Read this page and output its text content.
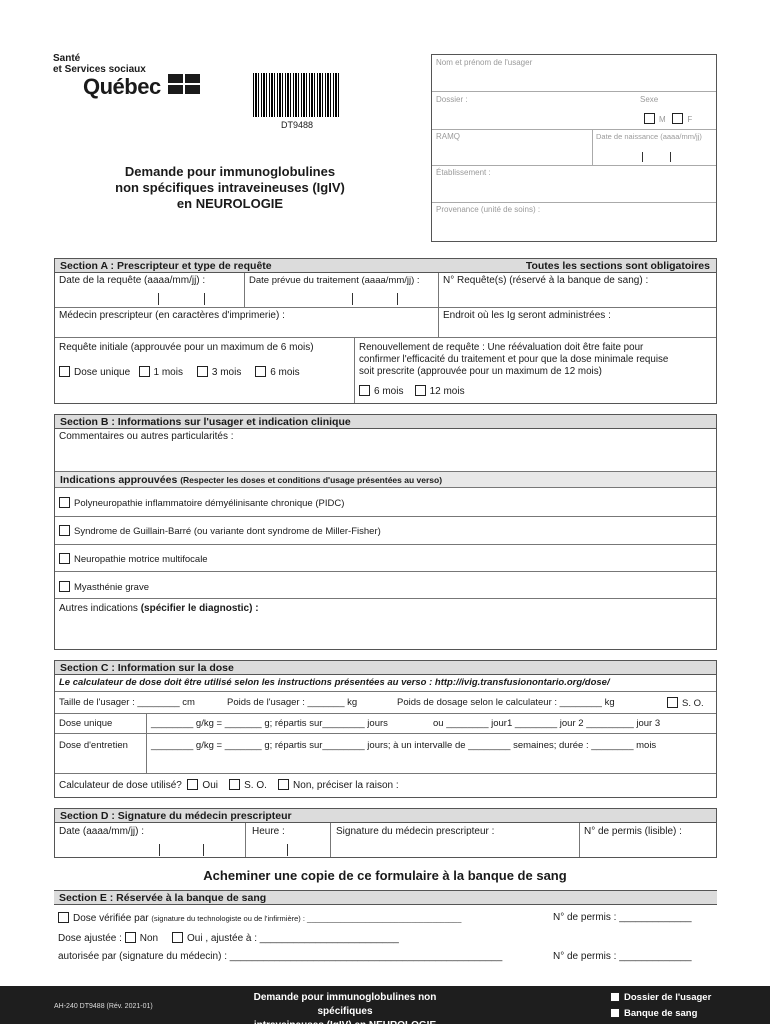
Santé
et Services sociaux
Québec
DT9488
Demande pour immunoglobulines
non spécifiques intraveineuses (IgIV)
en NEUROLOGIE
Nom et prénom de l'usager
Dossier :	Sexe
M	F
RAMQ	Date de naissance (aaaa/mm/jj)
Établissement :
Provenance (unité de soins) :
Section A : Prescripteur et type de requête	Toutes les sections sont obligatoires
Date de la requête (aaaa/mm/jj) :	Date prévue du traitement (aaaa/mm/jj) : N° Requête(s) (réservé à la banque de sang) :
Médecin prescripteur (en caractères d'imprimerie) :	Endroit où les Ig seront administrées :
Requête initiale (approuvée pour un maximum de 6 mois)
Dose unique 1 mois	3 mois	6 mois
Renouvellement de requête : Une réévaluation doit être faite pour
confirmer l'efficacité du traitement et pour que la dose minimale requise
soit prescrite (approuvée pour un maximum de 12 mois)
6 mois	12 mois
Section B : Informations sur l'usager et indication clinique
Commentaires ou autres particularités :
Indications approuvées (Respecter les doses et conditions d'usage présentées au verso)
Polyneuropathie inflammatoire démyélinisante chronique (PIDC)
Syndrome de Guillain-Barré (ou variante dont syndrome de Miller-Fisher)
Neuropathie motrice multifocale
Myasthénie grave
Autres indications (spécifier le diagnostic) :
Section C : Information sur la dose
Le calculateur de dose doit être utilisé selon les instructions présentées au verso : http://ivig.transfusionontario.org/dose/
Taille de l'usager : ________ cm	Poids de l'usager : _______ kg	Poids de dosage selon le calculateur : ________ kg	S. O.
Dose unique	________ g/kg = _______ g; répartis sur________ jours	ou ________ jour1 ________ jour 2 _________ jour 3
Dose d'entretien ________ g/kg = _______ g; répartis sur________ jours; à un intervalle de ________ semaines; durée : ________ mois
Calculateur de dose utilisé? Oui	S. O.	Non, préciser la raison :
Section D : Signature du médecin prescripteur
Date (aaaa/mm/jj) :	Heure :	Signature du médecin prescripteur :	N° de permis (lisible) :
Acheminer une copie de ce formulaire à la banque de sang
Section E : Réservée à la banque de sang
Dose vérifiée par (signature du technologiste ou de l'infirmière) : _____________________________________	N° de permis : _____________
Dose ajustée : Non	Oui , ajustée à : _________________________
autorisée par (signature du médecin) : _________________________________________________	N° de permis : _____________
AH-240 DT9488 (Rév. 2021-01)
Demande pour immunoglobulines non spécifiques
intraveineuses (IgIV) en NEUROLOGIE
Dossier de l'usager
Banque de sang
